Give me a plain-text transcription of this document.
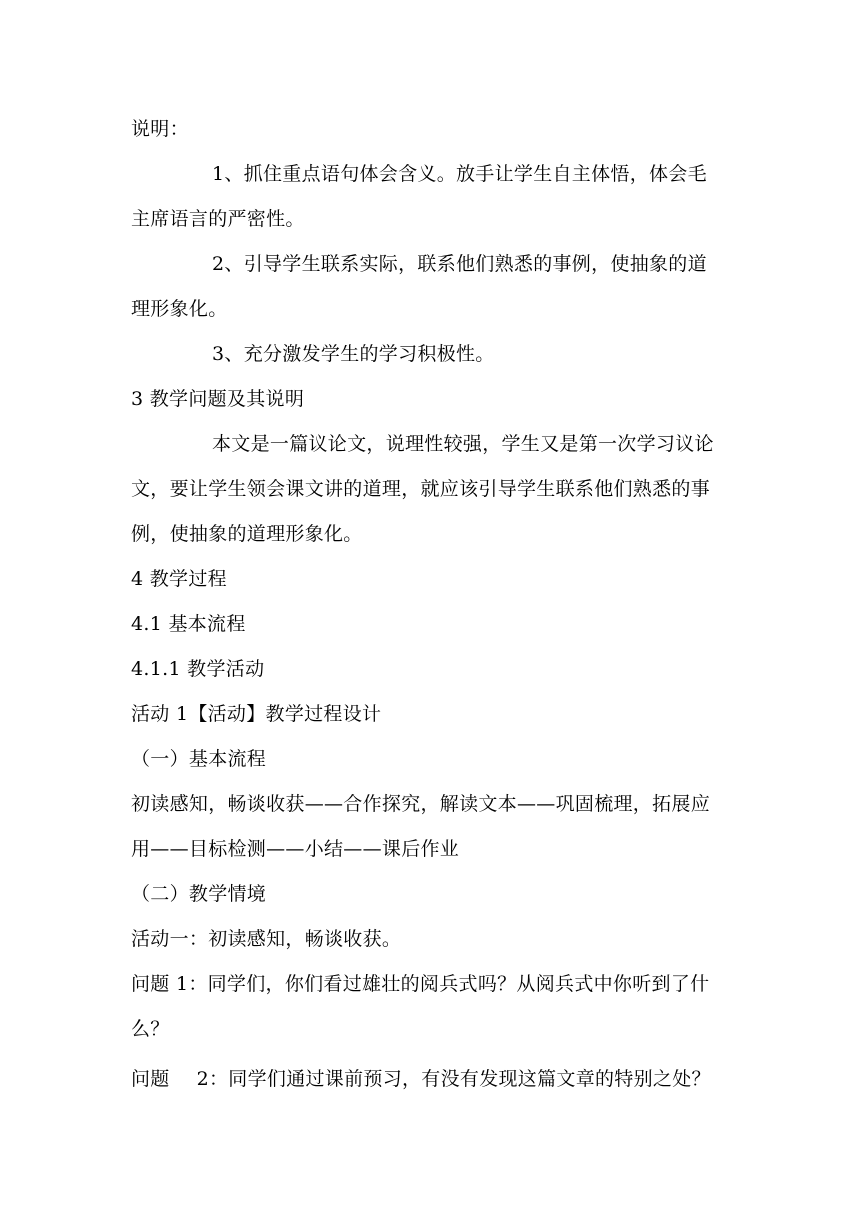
说明：
1、抓住重点语句体会含义。放手让学生自主体悟，体会毛
主席语言的严密性。
2、引导学生联系实际，联系他们熟悉的事例，使抽象的道
理形象化。
3、充分激发学生的学习积极性。
3 教学问题及其说明
本文是一篇议论文，说理性较强，学生又是第一次学习议论
文，要让学生领会课文讲的道理，就应该引导学生联系他们熟悉的事
例，使抽象的道理形象化。
4 教学过程
4.1 基本流程
4.1.1 教学活动
活动 1【活动】教学过程设计
（一）基本流程
初读感知，畅谈收获——合作探究，解读文本——巩固梳理，拓展应
用——目标检测——小结——课后作业
（二）教学情境
活动一：初读感知，畅谈收获。
问题 1：同学们，你们看过雄壮的阅兵式吗？从阅兵式中你听到了什
么？
问题 2：同学们通过课前预习，有没有发现这篇文章的特别之处？
